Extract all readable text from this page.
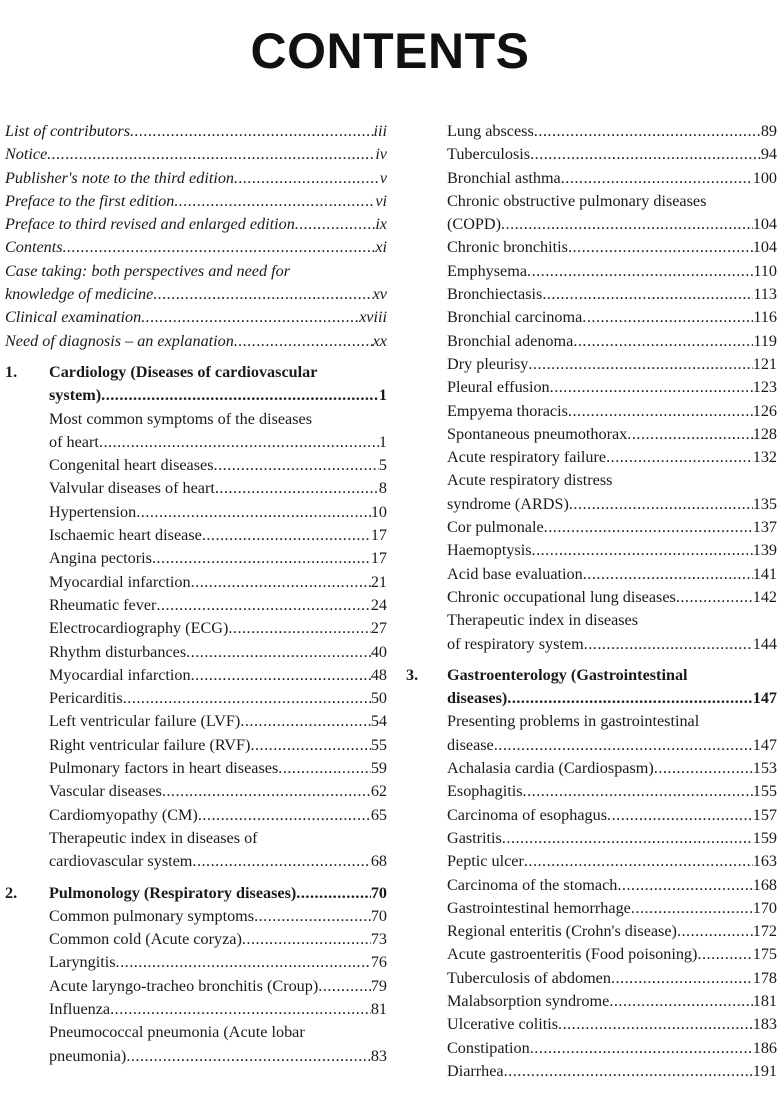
CONTENTS
List of contributors .....	iii
Notice .....	iv
Publisher's note to the third edition .....	v
Preface to the first edition .....	vi
Preface to third revised and enlarged edition .....	ix
Contents .....	xi
Case taking: both perspectives and need for
knowledge of medicine .....	xv
Clinical examination .....	xviii
Need of diagnosis – an explanation .....	xx
1.	Cardiology (Diseases of cardiovascular
system) .....	1
Most common symptoms of the diseases
of heart .....	1
Congenital heart diseases .....	5
Valvular diseases of heart .....	8
Hypertension .....	10
Ischaemic heart disease .....	17
Angina pectoris .....	17
Myocardial infarction .....	21
Rheumatic fever .....	24
Electrocardiography (ECG) .....	27
Rhythm disturbances .....	40
Myocardial infarction .....	48
Pericarditis .....	50
Left ventricular failure (LVF) .....	54
Right ventricular failure (RVF) .....	55
Pulmonary factors in heart diseases .....	59
Vascular diseases .....	62
Cardiomyopathy (CM) .....	65
Therapeutic index in diseases of
cardiovascular system .....	68
2.	Pulmonology (Respiratory diseases) .....	70
Common pulmonary symptoms .....	70
Common cold (Acute coryza) .....	73
Laryngitis .....	76
Acute laryngo-tracheo bronchitis (Croup) .....	79
Influenza .....	81
Pneumococcal pneumonia (Acute lobar
pneumonia) .....	83
Lung abscess .....	89
Tuberculosis .....	94
Bronchial asthma .....	100
Chronic obstructive pulmonary diseases
(COPD) .....	104
Chronic bronchitis .....	104
Emphysema .....	110
Bronchiectasis .....	113
Bronchial carcinoma .....	116
Bronchial adenoma .....	119
Dry pleurisy .....	121
Pleural effusion .....	123
Empyema thoracis .....	126
Spontaneous pneumothorax .....	128
Acute respiratory failure .....	132
Acute respiratory distress
syndrome (ARDS) .....	135
Cor pulmonale .....	137
Haemoptysis .....	139
Acid base evaluation .....	141
Chronic occupational lung diseases .....	142
Therapeutic index in diseases
of respiratory system .....	144
3.	Gastroenterology (Gastrointestinal
diseases) .....	147
Presenting problems in gastrointestinal
disease .....	147
Achalasia cardia (Cardiospasm) .....	153
Esophagitis .....	155
Carcinoma of esophagus .....	157
Gastritis .....	159
Peptic ulcer .....	163
Carcinoma of the stomach .....	168
Gastrointestinal hemorrhage .....	170
Regional enteritis (Crohn's disease) .....	172
Acute gastroenteritis (Food poisoning) .....	175
Tuberculosis of abdomen .....	178
Malabsorption syndrome .....	181
Ulcerative colitis .....	183
Constipation .....	186
Diarrhea .....	191
